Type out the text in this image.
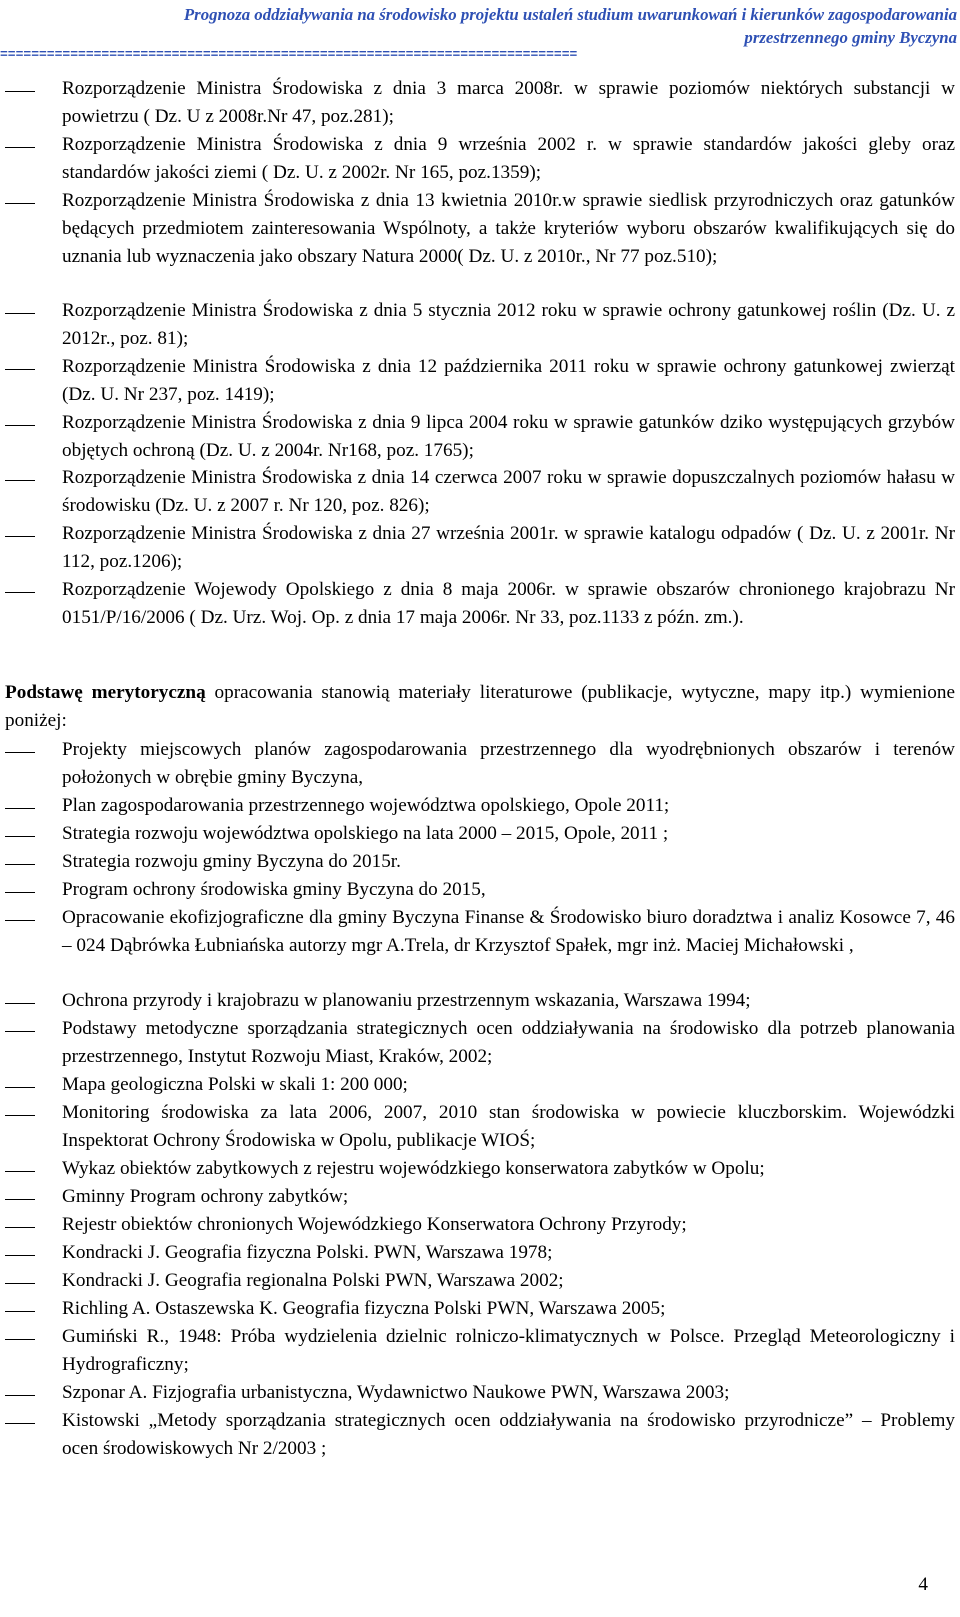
Prognoza oddziaływania na środowisko projektu ustaleń studium uwarunkowań i kierunków zagospodarowania
przestrzennego gminy Byczyna
==========================================================================
Rozporządzenie Ministra Środowiska z dnia 3 marca 2008r. w sprawie poziomów niektórych substancji w powietrzu ( Dz. U z 2008r.Nr 47, poz.281);
Rozporządzenie Ministra Środowiska z dnia 9 września 2002 r. w sprawie standardów jakości gleby oraz standardów jakości ziemi ( Dz. U. z 2002r. Nr 165, poz.1359);
Rozporządzenie Ministra Środowiska z dnia 13 kwietnia 2010r.w sprawie siedlisk przyrodniczych oraz gatunków będących przedmiotem zainteresowania Wspólnoty, a także kryteriów wyboru obszarów kwalifikujących się do uznania lub wyznaczenia jako obszary Natura 2000( Dz. U. z 2010r., Nr 77 poz.510);
Rozporządzenie Ministra Środowiska z dnia 5 stycznia 2012 roku w sprawie ochrony gatunkowej roślin (Dz. U. z 2012r., poz. 81);
Rozporządzenie Ministra Środowiska z dnia 12 października 2011 roku w sprawie ochrony gatunkowej zwierząt (Dz. U. Nr 237, poz. 1419);
Rozporządzenie Ministra Środowiska z dnia 9 lipca 2004 roku w sprawie gatunków dziko występujących grzybów objętych ochroną (Dz. U. z 2004r. Nr168, poz. 1765);
Rozporządzenie Ministra Środowiska z dnia 14 czerwca 2007 roku w sprawie dopuszczalnych poziomów hałasu w środowisku (Dz. U. z 2007 r. Nr 120, poz. 826);
Rozporządzenie Ministra Środowiska z dnia 27 września 2001r. w sprawie katalogu odpadów ( Dz. U. z 2001r. Nr 112, poz.1206);
Rozporządzenie Wojewody Opolskiego z dnia 8 maja 2006r. w sprawie obszarów chronionego krajobrazu Nr 0151/P/16/2006 ( Dz. Urz. Woj. Op. z dnia 17 maja 2006r. Nr 33, poz.1133 z późn. zm.).
Podstawę merytoryczną opracowania stanowią materiały literaturowe (publikacje, wytyczne, mapy itp.) wymienione poniżej:
Projekty miejscowych planów zagospodarowania przestrzennego dla wyodrębnionych obszarów i terenów położonych w obrębie gminy Byczyna,
Plan zagospodarowania przestrzennego województwa opolskiego, Opole 2011;
Strategia rozwoju województwa opolskiego na lata 2000 – 2015, Opole, 2011 ;
Strategia rozwoju gminy Byczyna do 2015r.
Program ochrony środowiska gminy Byczyna do 2015,
Opracowanie ekofizjograficzne dla gminy Byczyna Finanse & Środowisko biuro doradztwa i analiz Kosowce 7, 46 – 024 Dąbrówka Łubniańska autorzy mgr A.Trela, dr Krzysztof Spałek, mgr inż. Maciej Michałowski ,
Ochrona przyrody i krajobrazu w planowaniu przestrzennym wskazania, Warszawa 1994;
Podstawy metodyczne sporządzania strategicznych ocen oddziaływania na środowisko dla potrzeb planowania przestrzennego, Instytut Rozwoju Miast, Kraków, 2002;
Mapa geologiczna Polski w skali 1: 200 000;
Monitoring środowiska za lata 2006, 2007, 2010 stan środowiska w powiecie kluczborskim. Wojewódzki Inspektorat Ochrony Środowiska w Opolu, publikacje WIOŚ;
Wykaz obiektów zabytkowych z rejestru wojewódzkiego konserwatora zabytków w Opolu;
Gminny Program ochrony zabytków;
Rejestr obiektów chronionych Wojewódzkiego Konserwatora Ochrony Przyrody;
Kondracki J. Geografia fizyczna Polski. PWN, Warszawa 1978;
Kondracki J. Geografia regionalna Polski PWN, Warszawa 2002;
Richling A. Ostaszewska K. Geografia fizyczna Polski PWN, Warszawa 2005;
Gumiński R., 1948: Próba wydzielenia dzielnic rolniczo-klimatycznych w Polsce. Przegląd Meteorologiczny i Hydrograficzny;
Szponar A. Fizjografia urbanistyczna, Wydawnictwo Naukowe PWN, Warszawa 2003;
Kistowski „Metody sporządzania strategicznych ocen oddziaływania na środowisko przyrodnicze” – Problemy ocen środowiskowych Nr 2/2003 ;
4
